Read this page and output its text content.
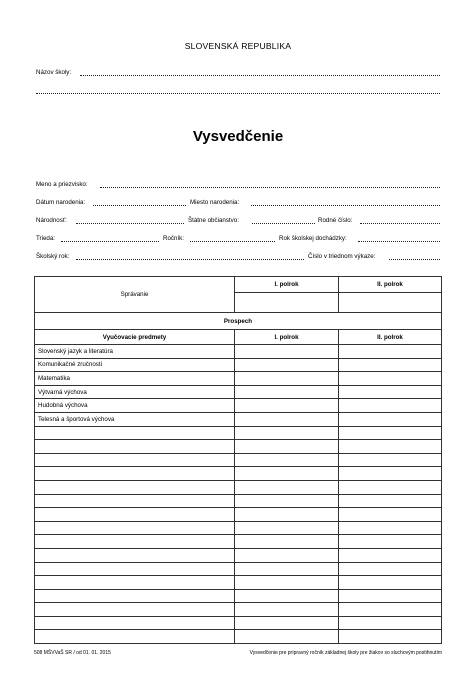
SLOVENSKÁ REPUBLIKA
Názov školy:
Vysvedčenie
Meno a priezvisko:
Dátum narodenia:	Miesto narodenia:
Národnosť:	Štátne občianstvo:	Rodné číslo:
Trieda:	Ročník:	Rok školskej dochádzky:
Školský rok:	Číslo v triednom výkaze:
Správanie	I. polrok	II. polrok

Prospech		
Vyučovacie predmety	I. polrok	II. polrok
Slovenský jazyk a literatúra		
Komunikačné zručnosti		
Matematika		
Výtvarná výchova		
Hudobná výchova		
Telesná a športová výchova		

508 MŠVVaŠ SR / od 01. 01. 2015	Vysvedčenie pre prípravný ročník základnej školy pre žiakov so sluchovým postihnutím
